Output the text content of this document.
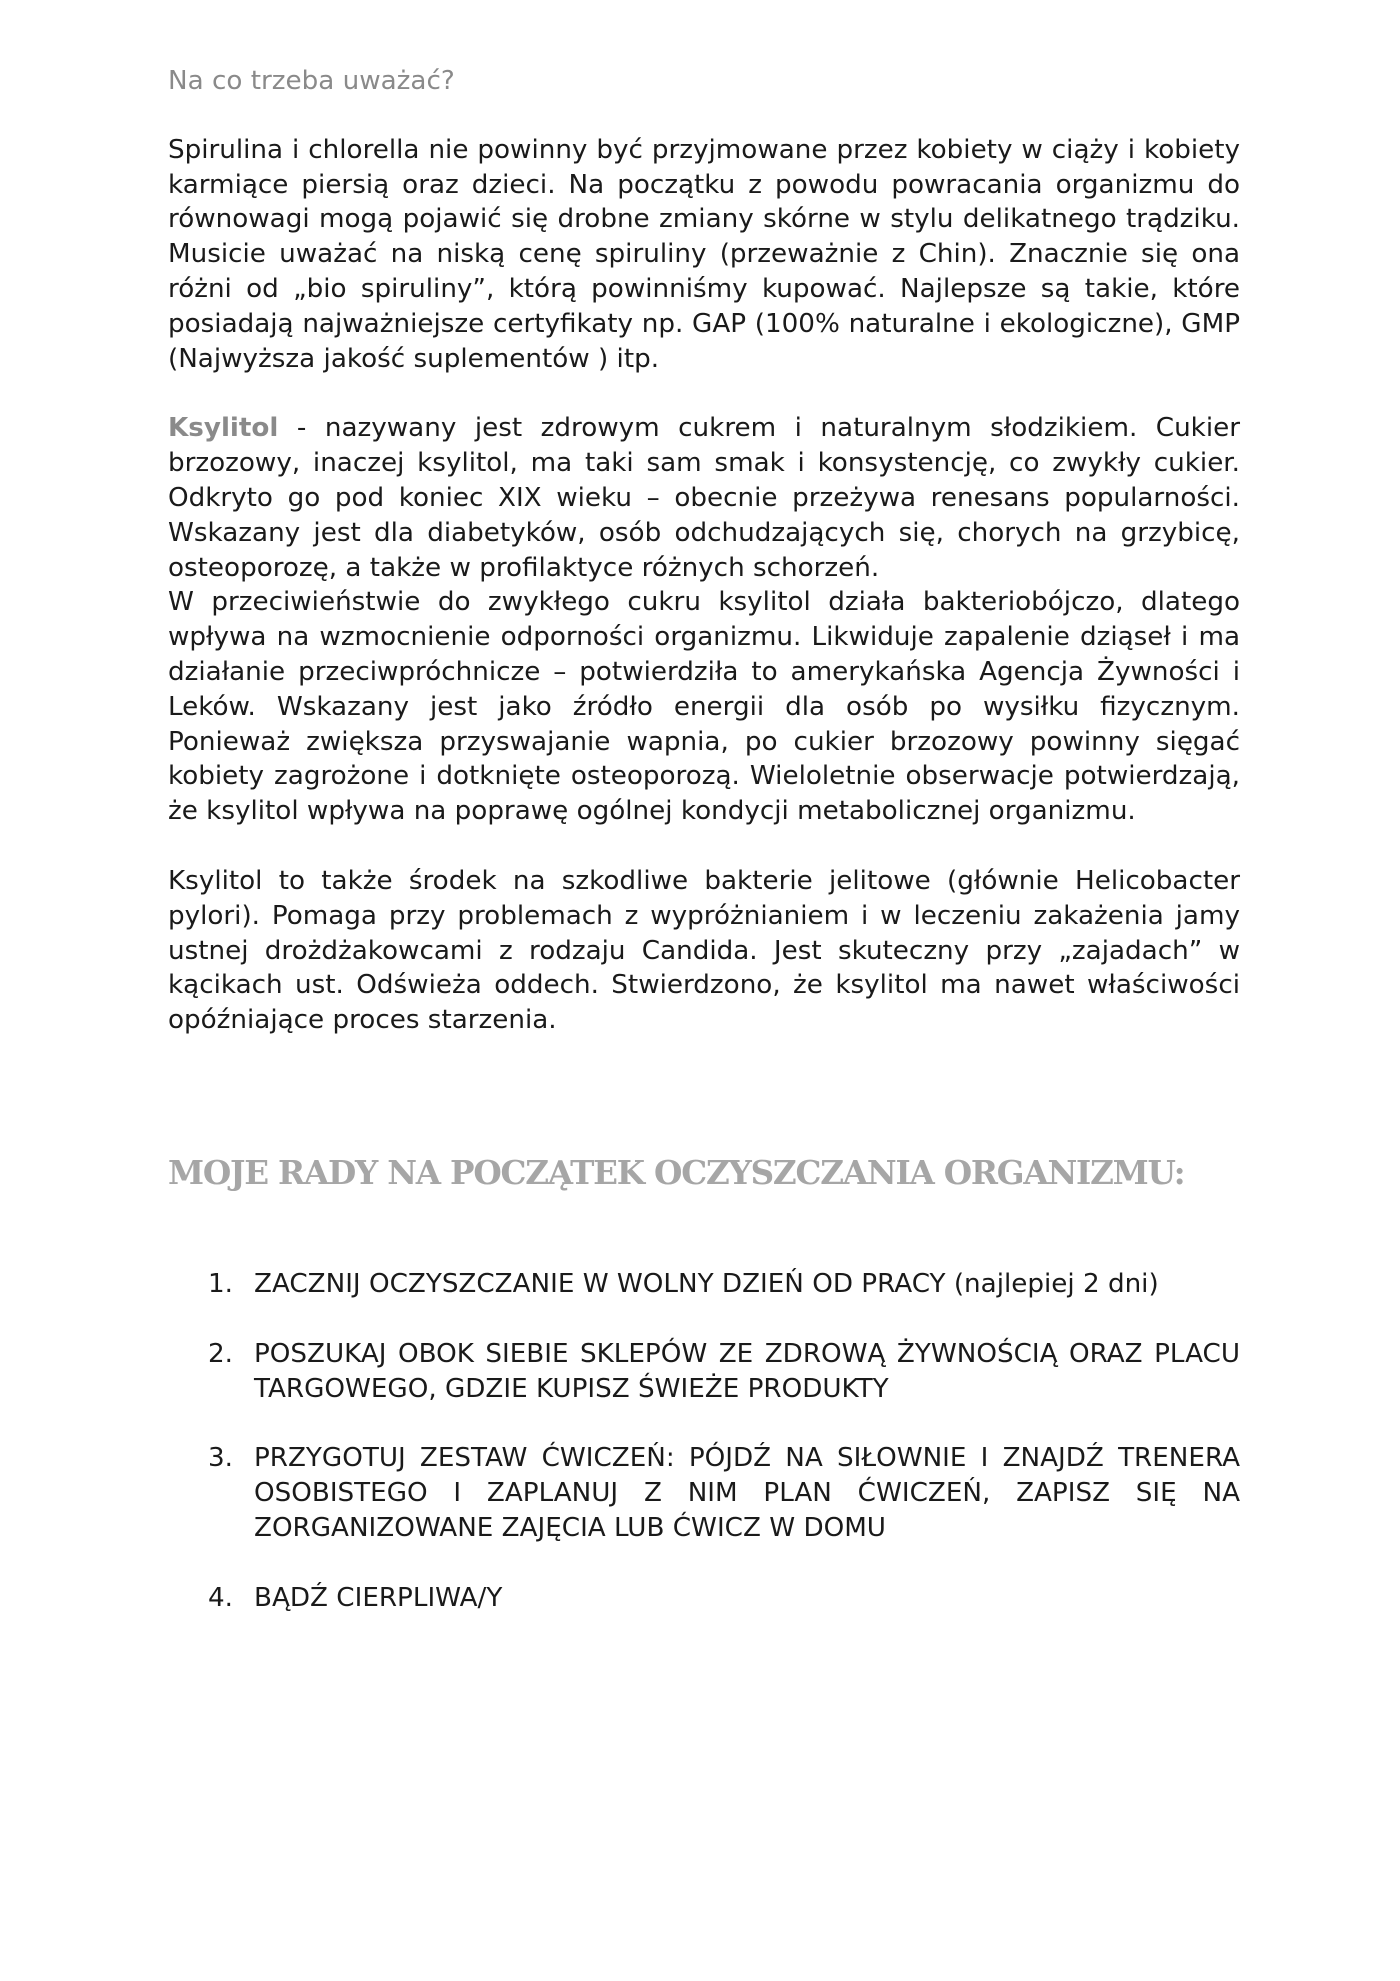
Na co trzeba uważać?

Spirulina i chlorella nie powinny być przyjmowane przez kobiety w ciąży i kobiety karmiące piersią oraz dzieci. Na początku z powodu powracania organizmu do równowagi mogą pojawić się drobne zmiany skórne w stylu delikatnego trądziku. Musicie uważać na niską cenę spiruliny (przeważnie z Chin). Znacznie się ona różni od „bio spiruliny”, którą powinniśmy kupować. Najlepsze są takie, które posiadają najważniejsze certyfikaty np. GAP (100% naturalne i ekologiczne), GMP (Najwyższa jakość suplementów ) itp.

Ksylitol - nazywany jest zdrowym cukrem i naturalnym słodzikiem. Cukier brzozowy, inaczej ksylitol, ma taki sam smak i konsystencję, co zwykły cukier. Odkryto go pod koniec XIX wieku – obecnie przeżywa renesans popularności. Wskazany jest dla diabetyków, osób odchudzających się, chorych na grzybicę, osteoporozę, a także w profilaktyce różnych schorzeń.

W przeciwieństwie do zwykłego cukru ksylitol działa bakteriobójczo, dlatego wpływa na wzmocnienie odporności organizmu. Likwiduje zapalenie dziąseł i ma działanie przeciwpróchnicze – potwierdziła to amerykańska Agencja Żywności i Leków. Wskazany jest jako źródło energii dla osób po wysiłku fizycznym. Ponieważ zwiększa przyswajanie wapnia, po cukier brzozowy powinny sięgać kobiety zagrożone i dotknięte osteoporozą. Wieloletnie obserwacje potwierdzają, że ksylitol wpływa na poprawę ogólnej kondycji metabolicznej organizmu.

Ksylitol to także środek na szkodliwe bakterie jelitowe (głównie Helicobacter pylori). Pomaga przy problemach z wypróżnianiem i w leczeniu zakażenia jamy ustnej drożdżakowcami z rodzaju Candida. Jest skuteczny przy „zajadach” w kącikach ust. Odświeża oddech. Stwierdzono, że ksylitol ma nawet właściwości opóźniające proces starzenia.

MOJE RADY NA POCZĄTEK OCZYSZCZANIA ORGANIZMU:
1. ZACZNIJ OCZYSZCZANIE W WOLNY DZIEŃ OD PRACY (najlepiej 2 dni)
2. POSZUKAJ OBOK SIEBIE SKLEPÓW ZE ZDROWĄ ŻYWNOŚCIĄ ORAZ PLACU TARGOWEGO, GDZIE KUPISZ ŚWIEŻE PRODUKTY
3. PRZYGOTUJ ZESTAW ĆWICZEŃ: PÓJDŹ NA SIŁOWNIE I ZNAJDŹ TRENERA OSOBISTEGO I ZAPLANUJ Z NIM PLAN ĆWICZEŃ, ZAPISZ SIĘ NA ZORGANIZOWANE ZAJĘCIA LUB ĆWICZ W DOMU
4. BĄDŹ CIERPLIWA/Y
